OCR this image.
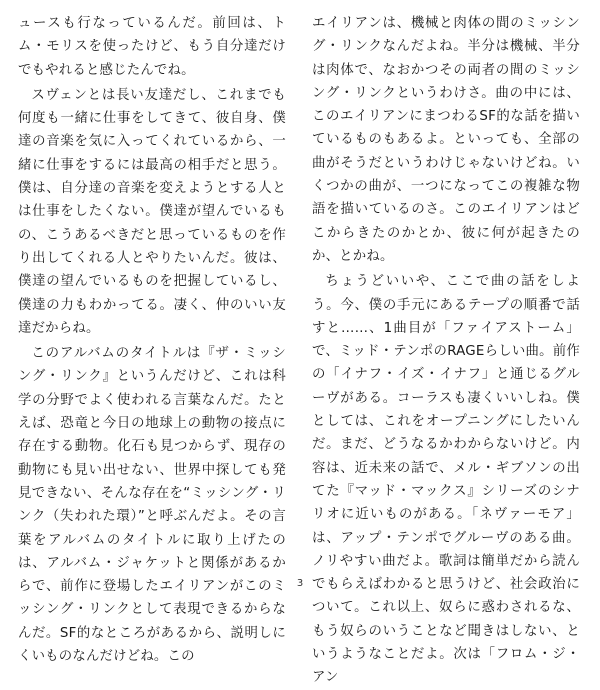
ュースも行なっているんだ。前回は、トム・モリスを使ったけど、もう自分達だけでもやれると感じたんでね。

スヴェンとは長い友達だし、これまでも何度も一緒に仕事をしてきて、彼自身、僕達の音楽を気に入ってくれているから、一緒に仕事をするには最高の相手だと思う。僕は、自分達の音楽を変えようとする人とは仕事をしたくない。僕達が望んでいるもの、こうあるべきだと思っているものを作り出してくれる人とやりたいんだ。彼は、僕達の望んでいるものを把握しているし、僕達の力もわかってる。凄く、仲のいい友達だからね。

このアルバムのタイトルは『ザ・ミッシング・リンク』というんだけど、これは科学の分野でよく使われる言葉なんだ。たとえば、恐竜と今日の地球上の動物の接点に存在する動物。化石も見つからず、現存の動物にも見い出せない、世界中探しても発見できない、そんな存在を“ミッシング・リンク（失われた環）”と呼ぶんだよ。その言葉をアルバムのタイトルに取り上げたのは、アルバム・ジャケットと関係があるからで、前作に登場したエイリアンがこのミッシング・リンクとして表現できるからなんだ。SF的なところがあるから、説明しにくいものなんだけどね。この

エイリアンは、機械と肉体の間のミッシング・リンクなんだよね。半分は機械、半分は肉体で、なおかつその両者の間のミッシング・リンクというわけさ。曲の中には、このエイリアンにまつわるSF的な話を描いているものもあるよ。といっても、全部の曲がそうだというわけじゃないけどね。いくつかの曲が、一つになってこの複雑な物語を描いているのさ。このエイリアンはどこからきたのかとか、彼に何が起きたのか、とかね。

ちょうどいいや、ここで曲の話をしよう。今、僕の手元にあるテープの順番で話すと……、1曲目が「ファイアストーム」で、ミッド・テンポのRAGEらしい曲。前作の「イナフ・イズ・イナフ」と通じるグルーヴがある。コーラスも凄くいいしね。僕としては、これをオープニングにしたいんだ。まだ、どうなるかわからないけど。内容は、近未来の話で、メル・ギブソンの出てた『マッド・マックス』シリーズのシナリオに近いものがある。「ネヴァーモア」は、アップ・テンポでグルーヴのある曲。ノリやすい曲だよ。歌詞は簡単だから読んでもらえばわかると思うけど、社会政治について。これ以上、奴らに惑わされるな、もう奴らのいうことなど聞きはしない、というようなことだよ。次は「フロム・ジ・アン

3
